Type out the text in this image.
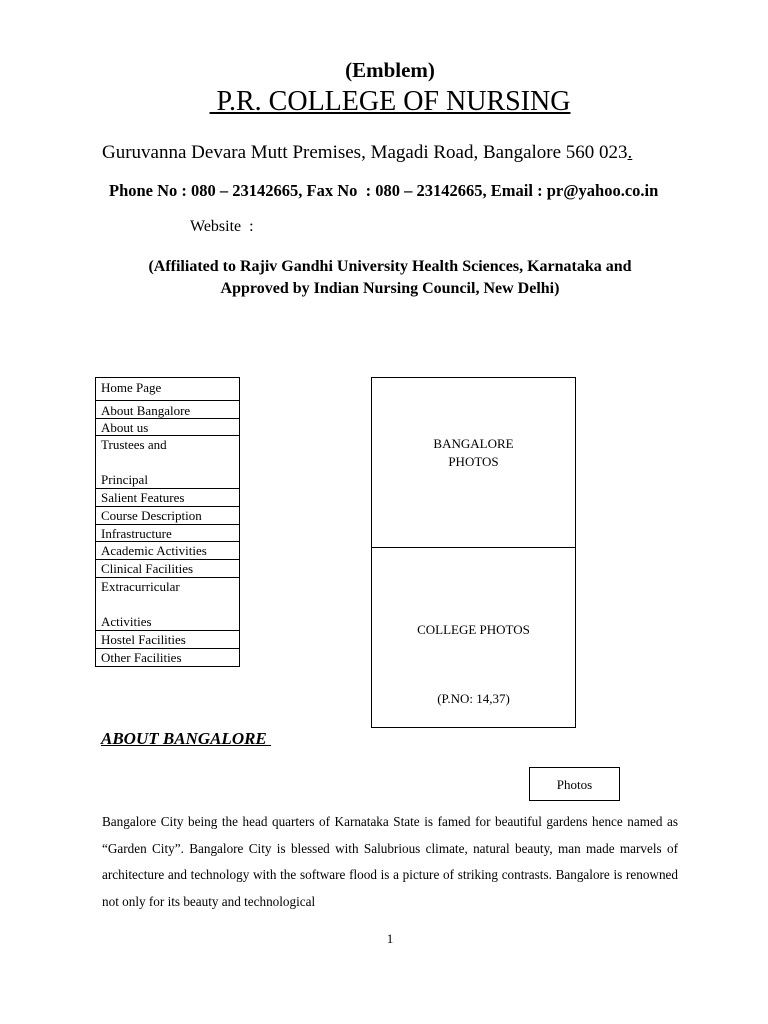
(Emblem)
P.R. COLLEGE OF NURSING
Guruvanna Devara Mutt Premises, Magadi Road, Bangalore 560 023.
Phone No : 080 – 23142665, Fax No  : 080 – 23142665, Email : pr@yahoo.co.in
Website  :
(Affiliated to Rajiv Gandhi University Health Sciences, Karnataka and
Approved by Indian Nursing Council, New Delhi)
Home Page
About Bangalore
About us
Trustees and
Principal
Salient Features
Course Description
Infrastructure
Academic Activities
Clinical Facilities
Extracurricular
Activities
Hostel Facilities
Other Facilities
BANGALORE
PHOTOS
COLLEGE PHOTOS
(P.NO: 14,37)
ABOUT BANGALORE
Photos
Bangalore City being the head quarters of Karnataka State is famed for beautiful gardens hence named as “Garden City”. Bangalore City is blessed with Salubrious climate, natural beauty, man made marvels of architecture and technology with the software flood is a picture of striking contrasts. Bangalore is renowned not only for its beauty and technological
1
